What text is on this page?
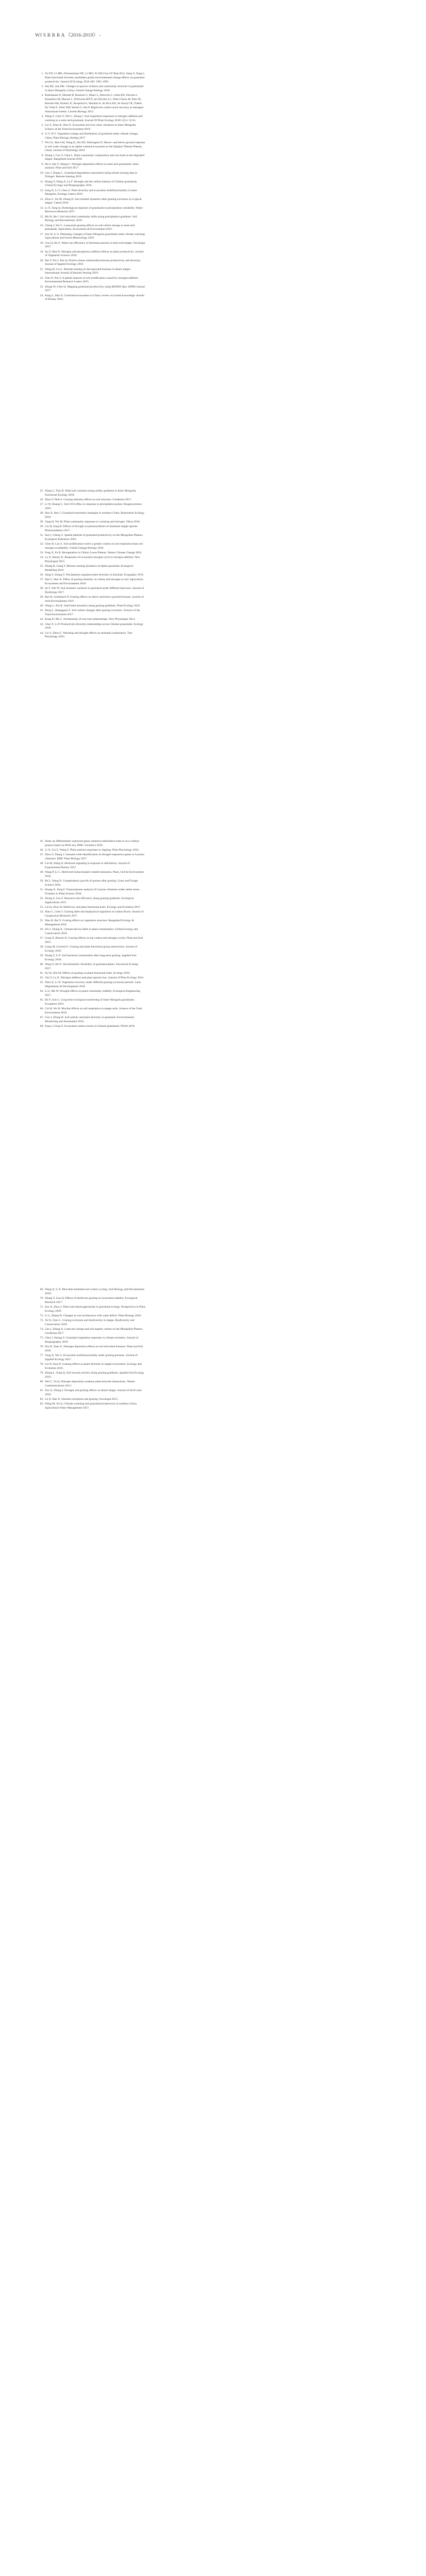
WJ S R R R A 《2016-2019》 -
1. Yu FW, Li MR, Zimmermann NE, Li MO, Ni JM (Guo SY Rian EG), Jiang Y, Jiang L. Plant functional diversity modulates global environmental change effects on grassland productivity. Journal Of Ecology 2018.106: 1991-1995.
2. Dai HZ, Sun DK. Changes in species richness and community structure of grasslands in Inner Mongolia, China. Global Change Biology 2018.
3. Rutishauser E, Hérault B, Baraloto C, Blanc L, Descroix L, Sotta ED, Ferreira J, Kanashiro M, Mazzei L, d'Oliveira MVN, de Oliveira LC, Peña-Claros M, Putz FE, Ruschel AR, Rodney K, Roopsind A, Shenkin A, da Silva KE, de Souza CR, Toledo M, Vidal E, West TAP, Wortel V, Sist P. Rapid tree carbon stock recovery in managed Amazonian forests. Current Biology 2015.
4. Wang Z, Chen Y, Wei L, Zhang J. Soil respiration responses to nitrogen addition and warming in a semi-arid grassland, Journal Of Plant Ecology 2018.11(1): 52-61.
5. Liu Z, Zhao K, Wen X. Ecosystem services value variations in Inner Mongolia. Science of the Total Environment 2019.
6. Li Y, Ni J. Vegetation change and distribution of grassland under climate change, China. Plant Biology (Stuttg) 2017.
7. Wu GL, Ren GH, Wang D, Shi ZH, Warrington D. Above- and below-ground response to soil water change in an alpine wetland ecosystem on the Qinghai-Tibetan Plateau, China. Journal of Hydrology 2018.
8. Zhang J, Guo Y, Chen L. Plant community composition and root traits in the degraded steppe. Rangeland Journal 2018.
9. Hu S, Qin Y, Zhang C. Nitrogen deposition effects on semi-arid grasslands: meta-analysis. Plant and Soil 2017.
10. Gao J, Zhang L. Grassland degradation assessment using remote sensing data in Xilingol. Remote Sensing 2019.
11. Huang Y, Wang X, Lu F. Drought and the carbon balance of Chinese grasslands. Global Ecology and Biogeography 2016.
12. Song X, Li Y, Chen Z. Plant diversity and ecosystem multifunctionality in Inner Mongolia. Ecology Letters 2019.
13. Zhou L, Xu M, Zhang H. Soil nutrient dynamics after grazing exclusion in a typical steppe. Catena 2018.
14. Li X, Yang Q. Hydrological response of grasslands to precipitation variability. Water Resources Research 2017.
15. Ma W, He J. Soil microbial community shifts along precipitation gradients. Soil Biology and Biochemistry 2018.
16. Cheng J, Wu G. Long-term grazing effects on soil carbon storage in semi-arid grasslands. Agriculture, Ecosystems & Environment 2016.
17. Sun W, Li S. Phenology changes of Inner Mongolia grasslands under climate warming. Agricultural and Forest Meteorology 2019.
18. Guo Q, Hu Z. Water-use efficiency of dominant grasses in semi-arid steppe. Oecologia 2017.
19. Xu Z, Ren H. Nitrogen and phosphorus addition effects on plant productivity. Journal of Vegetation Science 2018.
20. Bai Y, Wu J, Pan Q. Positive linear relationship between productivity and diversity. Journal of Applied Ecology 2016.
21. Wang H, Liu G. Remote sensing of aboveground biomass in desert steppe. International Journal of Remote Sensing 2019.
22. Tian D, Niu S. A global analysis of soil acidification caused by nitrogen addition. Environmental Research Letters 2015.
23. Zhang W, Chen Q. Mapping grassland productivity using MODIS data. ISPRS Journal 2017.
24. Kang L, Han X. Grassland ecosystems in China: review of current knowledge. Annals of Botany 2016.
25. Wang G, Tian H. Plant trait variation along aridity gradients in Inner Mongolia. Functional Ecology 2018.
26. Zhao Y, Peth S. Grazing intensity effects on soil structure. Geoderma 2017.
27. Li W, Huang G. Soil CO2 efflux in response to precipitation pulses. Biogeosciences 2016.
28. Hou X, Ren J. Grassland restoration strategies in northern China. Restoration Ecology 2019.
29. Yang H, Wu M. Plant community responses to warming and nitrogen. Oikos 2018.
30. Liu H, Zang R. Effects of drought on photosynthesis of dominant steppe species. Photosynthetica 2017.
31. Sun J, Cheng G. Spatial patterns of grassland productivity on the Mongolian Plateau. Ecological Indicators 2016.
32. Chen D, Lan Z. Soil acidification exerts a greater control on soil respiration than soil nitrogen availability. Global Change Biology 2016.
33. Feng X, Fu B. Revegetation in China's Loess Plateau. Nature Climate Change 2016.
34. Lu X, Kelsey K. Responses of ecosystem nitrogen cycle to nitrogen addition. New Phytologist 2015.
35. Zhang R, Liang T. Remote sensing dynamics of alpine grassland. Ecological Modelling 2018.
36. Jiang Y, Zhang Y. Precipitation regulates plant diversity in drylands. Ecography 2019.
37. Han G, Hao X. Effect of grazing intensity on carbon and nitrogen in soil. Agriculture, Ecosystems and Environment 2018.
38. Qi Y, Wei W. Soil moisture variation in grassland under different land uses. Journal of Hydrology 2017.
39. Ren H, Schönbach P. Grazing effects on above and below-ground biomass. Journal of Arid Environments 2016.
40. Wang L, Niu K. Seed bank dynamics along grazing gradients. Plant Ecology 2019.
41. Deng L, Shangguan Z. Soil carbon changes after grazing exclusion. Science of the Total Environment 2017.
42. Kong D, Ma C. Nonlinearity of root trait relationships. New Phytologist 2014.
43. Chen Y, Li P. Productivity-diversity relationships across Chinese grasslands. Ecology 2018.
44. Liu Y, Zhou G. Warming and drought effects on stomatal conductance. Tree Physiology 2016.
45. Study on differentially expressed genes related to defoliation traits in two wildrye grasses based on RNA-seq. BMC Genomics 2016.
46. Li X, Liu Z, Wang Z. Plant nutrient responses to clipping. Plant Physiology 2016.
47. Zhou Y, Zhang J. Genome-wide identification of drought-responsive genes in Leymus chinensis. BMC Plant Biology 2017.
48. Liu M, Wang D. Hormone signaling in response to defoliation. Journal of Experimental Botany 2017.
49. Wang P, Li C. Herbivore-induced plant volatile emissions. Plant, Cell & Environment 2016.
50. Ba L, Wang D. Compensatory growth of grasses after grazing. Grass and Forage Science 2018.
51. Huang X, Yang F. Transcriptome analysis of Leymus chinensis under saline stress. Frontiers in Plant Science 2018.
52. Zheng S, Lan Z. Resource-use efficiency along grazing gradients. Ecological Applications 2015.
53. Lin Q, Zhou H. Herbivory and plant functional traits. Ecology and Evolution 2017.
54. Shao C, Chen J. Grazing alters the biophysical regulation of carbon fluxes. Journal of Geophysical Research 2017.
55. Wan H, Bai Y. Grazing effects on vegetation structure. Rangeland Ecology & Management 2016.
56. Wu J, Zhang X. Climate-driven shifts in plant communities. Global Ecology and Conservation 2018.
57. Gong X, Brueck H. Grazing effects on the carbon and nitrogen cycles. Plant and Soil 2015.
58. Liang M, Gornish E. Grazing and plant functional group interactions. Journal of Ecology 2019.
59. Zhang T, Li F. Soil bacterial communities after long-term grazing. Applied Soil Ecology 2018.
60. Wang Y, He N. Stoichiometric flexibility of grassland plants. Functional Ecology 2017.
61. Xu W, Zhu M. Effects of grazing on plant functional traits. Ecology 2019.
62. Yan Y, Lu X. Nitrogen addition and plant species loss. Journal of Plant Ecology 2016.
63. Zhao X, Li H. Vegetation recovery under different grazing exclusion periods. Land Degradation & Development 2018.
64. Li Z, Ma W. Drought effects on plant community stability. Ecological Engineering 2017.
65. Hu Y, Sun G. Long-term ecological monitoring of Inner Mongolia grasslands. Ecosphere 2019.
66. Cui H, Wu H. Biochar effects on soil respiration in steppe soils. Science of the Total Environment 2018.
67. Guo J, Zhang H. Soil salinity and plant diversity in grassland. Environmental Monitoring and Assessment 2016.
68. Fang J, Geng X. Ecosystem carbon stocks in Chinese grasslands. PNAS 2018.
69. Wang X, Li F. Microbial mediated soil carbon cycling. Soil Biology and Biochemistry 2018.
70. Zhang Y, Gao Q. Effects of herbivore grazing on ecosystem stability. Ecological Research 2017.
71. Sun X, Zhou J. Plant trait-based approaches in grassland ecology. Perspectives in Plant Ecology 2019.
72. Li L, Zhang W. Changes in root architecture with water deficit. Plant Biology 2016.
73. Ye X, Chen L. Grazing exclusion and biodiversity in steppe. Biodiversity and Conservation 2018.
74. Cao J, Zhang X. Land-use change and soil organic carbon on the Mongolian Plateau. Geoderma 2017.
75. Chen J, Huang Y. Grassland vegetation responses to climate extremes. Journal of Biogeography 2019.
76. Niu D, Yuan X. Nitrogen deposition effects on soil microbial biomass. Plant and Soil 2018.
77. Yang X, Wu G. Ecosystem multifunctionality under grazing pressure. Journal of Applied Ecology 2017.
78. Liu N, Kan H. Grazing effects on plant diversity in steppe ecosystems. Ecology and Evolution 2016.
79. Zhang L, Song Q. Soil enzyme activity along grazing gradients. Applied Soil Ecology 2019.
80. Wei C, Yu Q. Nitrogen deposition weakens plant-microbe interactions. Nature Communications 2013.
81. Zuo X, Zhang J. Drought and grazing effects on desert steppe. Journal of Arid Land 2018.
82. Lü X, Han X. Nutrient resorption and grazing. Oecologia 2015.
83. Wang M, Xu Q. Climate warming and grassland productivity in northern China. Agricultural Water Management 2017.
